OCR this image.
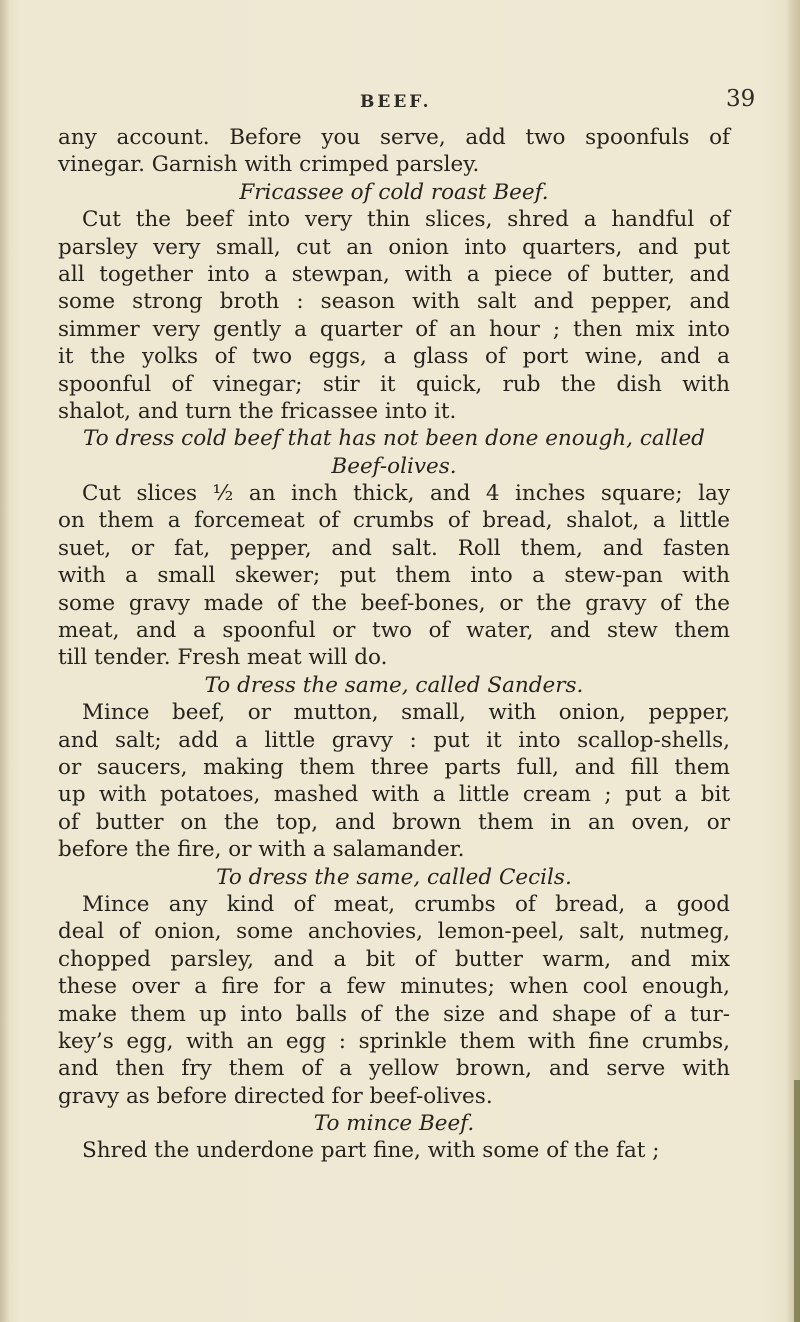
BEEF.	39
any account. Before you serve, add two spoonfuls of
vinegar. Garnish with crimped parsley.
Fricassee of cold roast Beef.
Cut the beef into very thin slices, shred a handful of
parsley very small, cut an onion into quarters, and put
all together into a stewpan, with a piece of butter, and
some strong broth : season with salt and pepper, and
simmer very gently a quarter of an hour ; then mix into
it the yolks of two eggs, a glass of port wine, and a
spoonful of vinegar; stir it quick, rub the dish with
shalot, and turn the fricassee into it.
To dress cold beef that has not been done enough, called
Beef-olives.
Cut slices ½ an inch thick, and 4 inches square; lay
on them a forcemeat of crumbs of bread, shalot, a little
suet, or fat, pepper, and salt. Roll them, and fasten
with a small skewer; put them into a stew-pan with
some gravy made of the beef-bones, or the gravy of the
meat, and a spoonful or two of water, and stew them
till tender. Fresh meat will do.
To dress the same, called Sanders.
Mince beef, or mutton, small, with onion, pepper,
and salt; add a little gravy : put it into scallop-shells,
or saucers, making them three parts full, and fill them
up with potatoes, mashed with a little cream ; put a bit
of butter on the top, and brown them in an oven, or
before the fire, or with a salamander.
To dress the same, called Cecils.
Mince any kind of meat, crumbs of bread, a good
deal of onion, some anchovies, lemon-peel, salt, nutmeg,
chopped parsley, and a bit of butter warm, and mix
these over a fire for a few minutes; when cool enough,
make them up into balls of the size and shape of a tur-
key’s egg, with an egg : sprinkle them with fine crumbs,
and then fry them of a yellow brown, and serve with
gravy as before directed for beef-olives.
To mince Beef.
Shred the underdone part fine, with some of the fat ;
